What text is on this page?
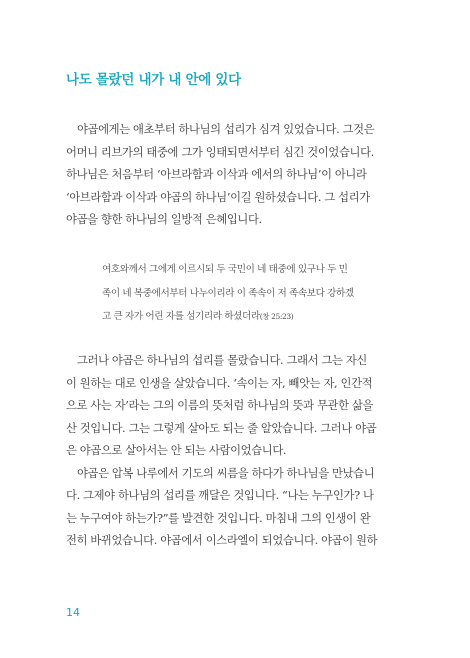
나도 몰랐던 내가 내 안에 있다
　야곱에게는 애초부터 하나님의 섭리가 심겨 있었습니다. 그것은
어머니 리브가의 태중에 그가 잉태되면서부터 심긴 것이었습니다.
하나님은 처음부터 ‘아브라함과 이삭과 에서의 하나님’이 아니라
‘아브라함과 이삭과 야곱의 하나님’이길 원하셨습니다. 그 섭리가
야곱을 향한 하나님의 일방적 은혜입니다.
여호와께서 그에게 이르시되 두 국민이 네 태중에 있구나 두 민
족이 네 복중에서부터 나누이리라 이 족속이 저 족속보다 강하겠
고 큰 자가 어린 자를 섬기리라 하셨더라(창 25:23)
　그러나 야곱은 하나님의 섭리를 몰랐습니다. 그래서 그는 자신
이 원하는 대로 인생을 살았습니다. ‘속이는 자, 빼앗는 자, 인간적
으로 사는 자’라는 그의 이름의 뜻처럼 하나님의 뜻과 무관한 삶을
산 것입니다. 그는 그렇게 살아도 되는 줄 알았습니다. 그러나 야곱
은 야곱으로 살아서는 안 되는 사람이었습니다.
　야곱은 압복 나루에서 기도의 씨름을 하다가 하나님을 만났습니
다. 그제야 하나님의 섭리를 깨달은 것입니다. “나는 누구인가? 나
는 누구여야 하는가?”를 발견한 것입니다. 마침내 그의 인생이 완
전히 바뀌었습니다. 야곱에서 이스라엘이 되었습니다. 야곱이 원하
14
